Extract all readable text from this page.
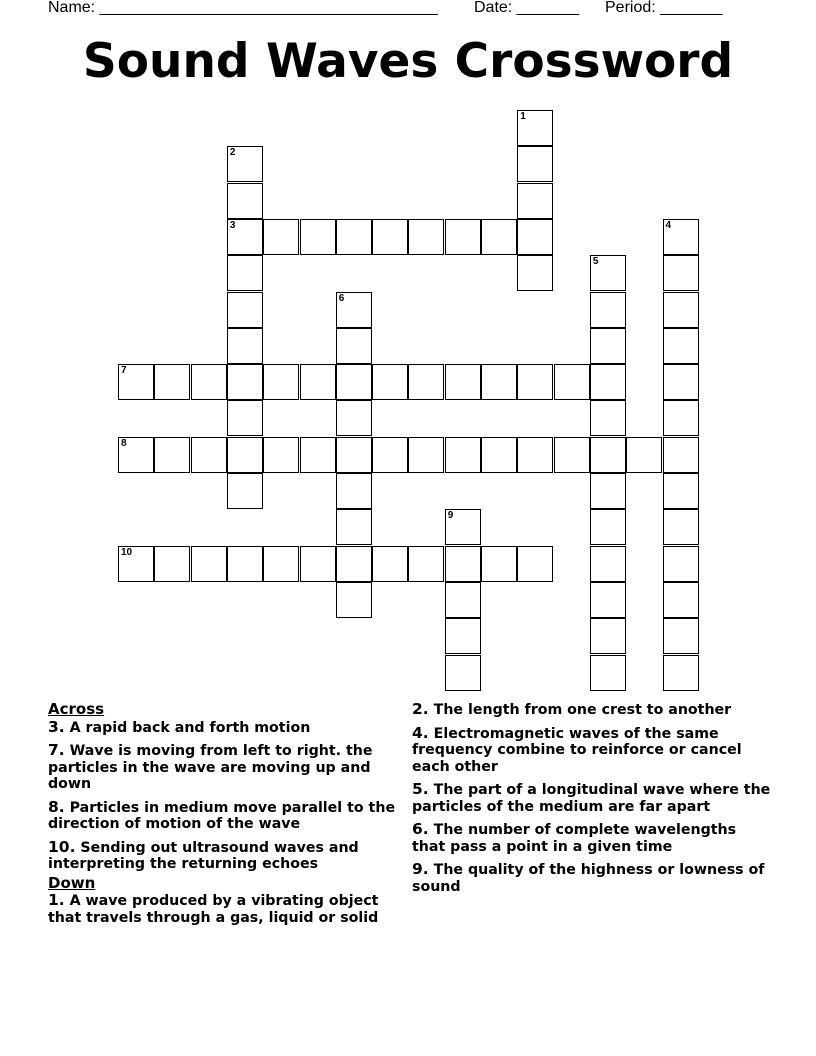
Name: ______________________________________ Date: _______ Period: _______
Sound Waves Crossword
1
2
3	4
5
6
7
8
9
10
Across
3. A rapid back and forth motion
7. Wave is moving from left to right. the particles in the wave are moving up and down
8. Particles in medium move parallel to the direction of motion of the wave
10. Sending out ultrasound waves and interpreting the returning echoes
Down
1. A wave produced by a vibrating object that travels through a gas, liquid or solid
2. The length from one crest to another
4. Electromagnetic waves of the same frequency combine to reinforce or cancel each other
5. The part of a longitudinal wave where the particles of the medium are far apart
6. The number of complete wavelengths that pass a point in a given time
9. The quality of the highness or lowness of sound
